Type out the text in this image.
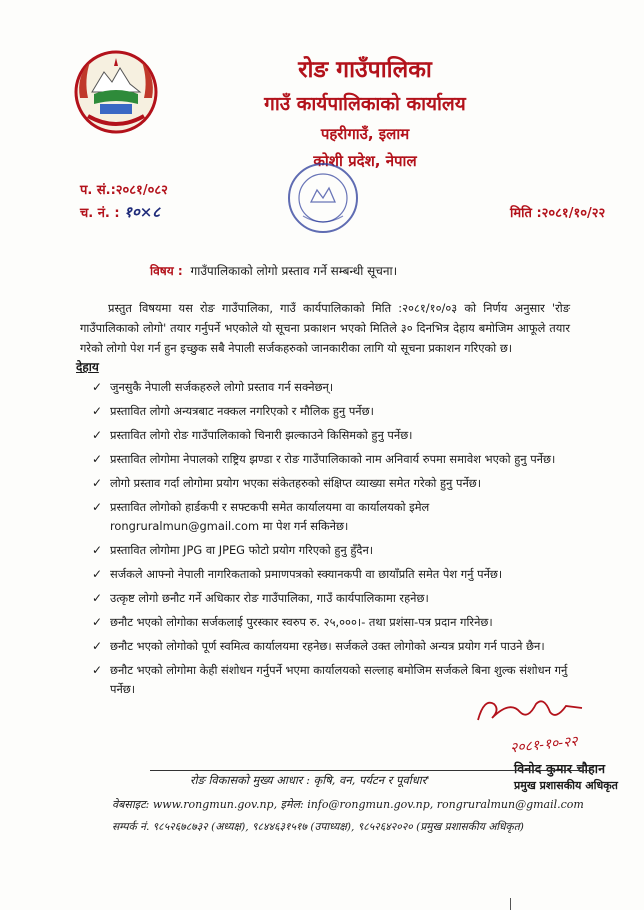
रोङ गाउँपालिका
गाउँ कार्यपालिकाको कार्यालय
पहरीगाउँ, इलाम
कोशी प्रदेश, नेपाल
प. सं.:२०८१/०८२
च. नं. : १०×८	मिति :२०८१/१०/२२
विषय : गाउँपालिकाको लोगो प्रस्ताव गर्ने सम्बन्धी सूचना।

प्रस्तुत विषयमा यस रोङ गाउँपालिका, गाउँ कार्यपालिकाको मिति :२०८१/१०/०३ को निर्णय अनुसार 'रोङ गाउँपालिकाको लोगो' तयार गर्नुपर्ने भएकोले यो सूचना प्रकाशन भएको मितिले ३० दिनभित्र देहाय बमोजिम आफूले तयार गरेको लोगो पेश गर्न हुन इच्छुक सबै नेपाली सर्जकहरुको जानकारीका लागि यो सूचना प्रकाशन गरिएको छ।

देहाय
✓ जुनसुकै नेपाली सर्जकहरुले लोगो प्रस्ताव गर्न सक्नेछन्।
✓ प्रस्तावित लोगो अन्यत्रबाट नक्कल नगरिएको र मौलिक हुनु पर्नेछ।
✓ प्रस्तावित लोगो रोङ गाउँपालिकाको चिनारी झल्काउने किसिमको हुनु पर्नेछ।
✓ प्रस्तावित लोगोमा नेपालको राष्ट्रिय झण्डा र रोङ गाउँपालिकाको नाम अनिवार्य रुपमा समावेश भएको हुनु पर्नेछ।
✓ लोगो प्रस्ताव गर्दा लोगोमा प्रयोग भएका संकेतहरुको संक्षिप्त व्याख्या समेत गरेको हुनु पर्नेछ।
✓ प्रस्तावित लोगोको हार्डकपी र सफ्टकपी समेत कार्यालयमा वा कार्यालयको इमेल rongruralmun@gmail.com मा पेश गर्न सकिनेछ।
✓ प्रस्तावित लोगोमा JPG वा JPEG फोटो प्रयोग गरिएको हुनु हुँदैन।
✓ सर्जकले आफ्नो नेपाली नागरिकताको प्रमाणपत्रको स्क्यानकपी वा छायाँप्रति समेत पेश गर्नु पर्नेछ।
✓ उत्कृष्ट लोगो छनौट गर्ने अधिकार रोङ गाउँपालिका, गाउँ कार्यपालिकामा रहनेछ।
✓ छनौट भएको लोगोका सर्जकलाई पुरस्कार स्वरुप रु. २५,०००।- तथा प्रशंसा-पत्र प्रदान गरिनेछ।
✓ छनौट भएको लोगोको पूर्ण स्वमित्व कार्यालयमा रहनेछ। सर्जकले उक्त लोगोको अन्यत्र प्रयोग गर्न पाउने छैन।
✓ छनौट भएको लोगोमा केही संशोधन गर्नुपर्ने भएमा कार्यालयको सल्लाह बमोजिम सर्जकले बिना शुल्क संशोधन गर्नु पर्नेछ।
२०८१-१०-२२
विनोद कुमार चौहान
प्रमुख प्रशासकीय अधिकृत
रोङ विकासको मुख्य आधार : कृषि, वन, पर्यटन र पूर्वाधार'
वेबसाइट: www.rongmun.gov.np, इमेल: info@rongmun.gov.np, rongruralmun@gmail.com
सम्पर्क नं. ९८५२६७८७३२ (अध्यक्ष), ९८४४६३१५१७ (उपाध्यक्ष), ९८५२६४२०२० (प्रमुख प्रशासकीय अधिकृत)
